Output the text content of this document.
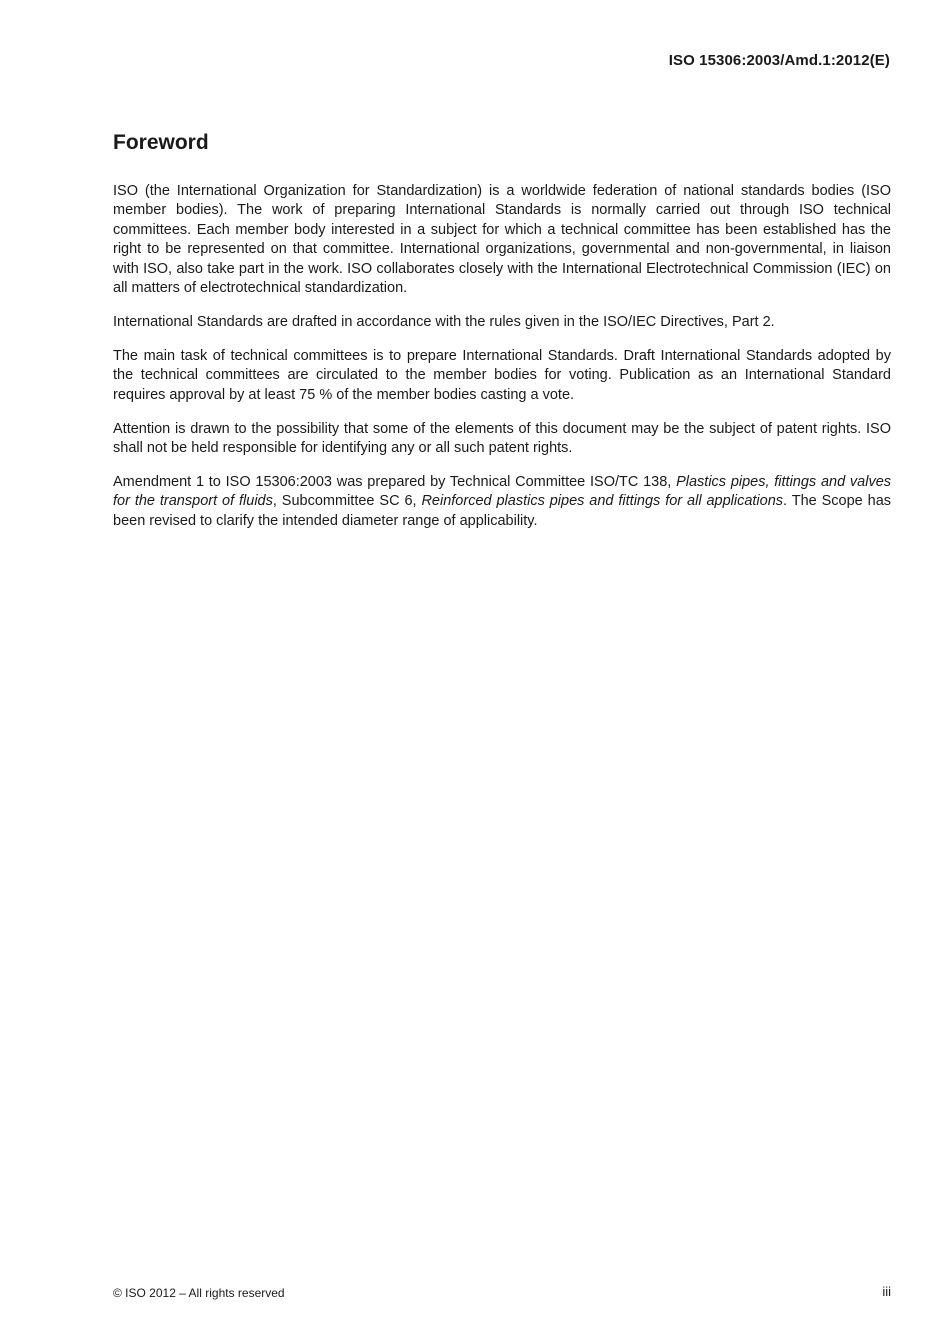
ISO 15306:2003/Amd.1:2012(E)
Foreword

ISO (the International Organization for Standardization) is a worldwide federation of national standards bodies (ISO member bodies). The work of preparing International Standards is normally carried out through ISO technical committees. Each member body interested in a subject for which a technical committee has been established has the right to be represented on that committee. International organizations, governmental and non-governmental, in liaison with ISO, also take part in the work. ISO collaborates closely with the International Electrotechnical Commission (IEC) on all matters of electrotechnical standardization.

International Standards are drafted in accordance with the rules given in the ISO/IEC Directives, Part 2.

The main task of technical committees is to prepare International Standards. Draft International Standards adopted by the technical committees are circulated to the member bodies for voting. Publication as an International Standard requires approval by at least 75 % of the member bodies casting a vote.

Attention is drawn to the possibility that some of the elements of this document may be the subject of patent rights. ISO shall not be held responsible for identifying any or all such patent rights.

Amendment 1 to ISO 15306:2003 was prepared by Technical Committee ISO/TC 138, Plastics pipes, fittings and valves for the transport of fluids, Subcommittee SC 6, Reinforced plastics pipes and fittings for all applications. The Scope has been revised to clarify the intended diameter range of applicability.

© ISO 2012 – All rights reserved	iii
